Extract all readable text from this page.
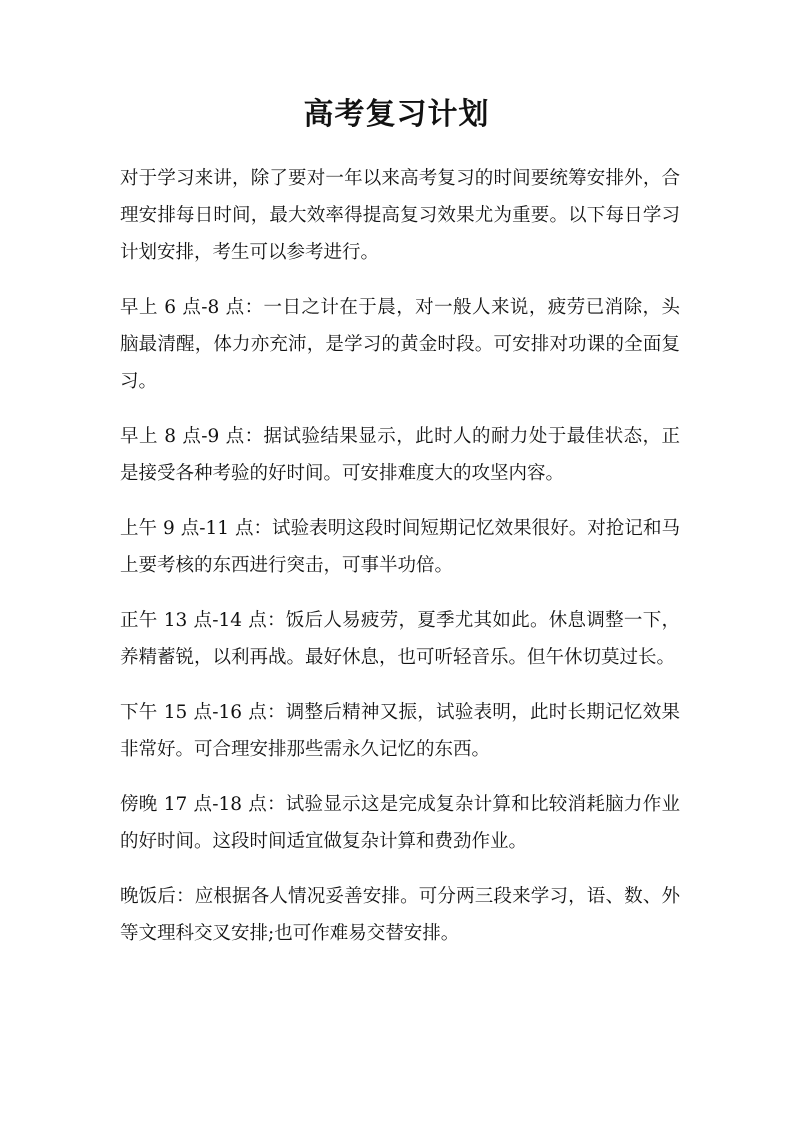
高考复习计划

对于学习来讲，除了要对一年以来高考复习的时间要统筹安排外，合理安排每日时间，最大效率得提高复习效果尤为重要。以下每日学习计划安排，考生可以参考进行。

早上 6 点-8 点：一日之计在于晨，对一般人来说，疲劳已消除，头脑最清醒，体力亦充沛，是学习的黄金时段。可安排对功课的全面复习。

早上 8 点-9 点：据试验结果显示，此时人的耐力处于最佳状态，正是接受各种考验的好时间。可安排难度大的攻坚内容。

上午 9 点-11 点：试验表明这段时间短期记忆效果很好。对抢记和马上要考核的东西进行突击，可事半功倍。

正午 13 点-14 点：饭后人易疲劳，夏季尤其如此。休息调整一下，养精蓄锐，以利再战。最好休息，也可听轻音乐。但午休切莫过长。

下午 15 点-16 点：调整后精神又振，试验表明，此时长期记忆效果非常好。可合理安排那些需永久记忆的东西。

傍晚 17 点-18 点：试验显示这是完成复杂计算和比较消耗脑力作业的好时间。这段时间适宜做复杂计算和费劲作业。

晚饭后：应根据各人情况妥善安排。可分两三段来学习，语、数、外等文理科交叉安排;也可作难易交替安排。
